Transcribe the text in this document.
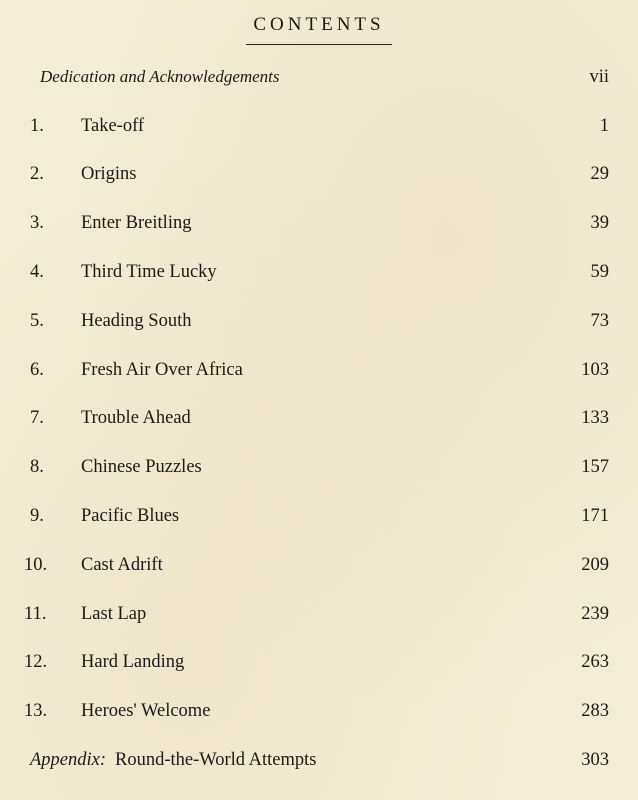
CONTENTS
Dedication and Acknowledgements	vii
1. Take-off	1
2. Origins	29
3. Enter Breitling	39
4. Third Time Lucky	59
5. Heading South	73
6. Fresh Air Over Africa	103
7. Trouble Ahead	133
8. Chinese Puzzles	157
9. Pacific Blues	171
10. Cast Adrift	209
11. Last Lap	239
12. Hard Landing	263
13. Heroes' Welcome	283
Appendix: Round-the-World Attempts	303
